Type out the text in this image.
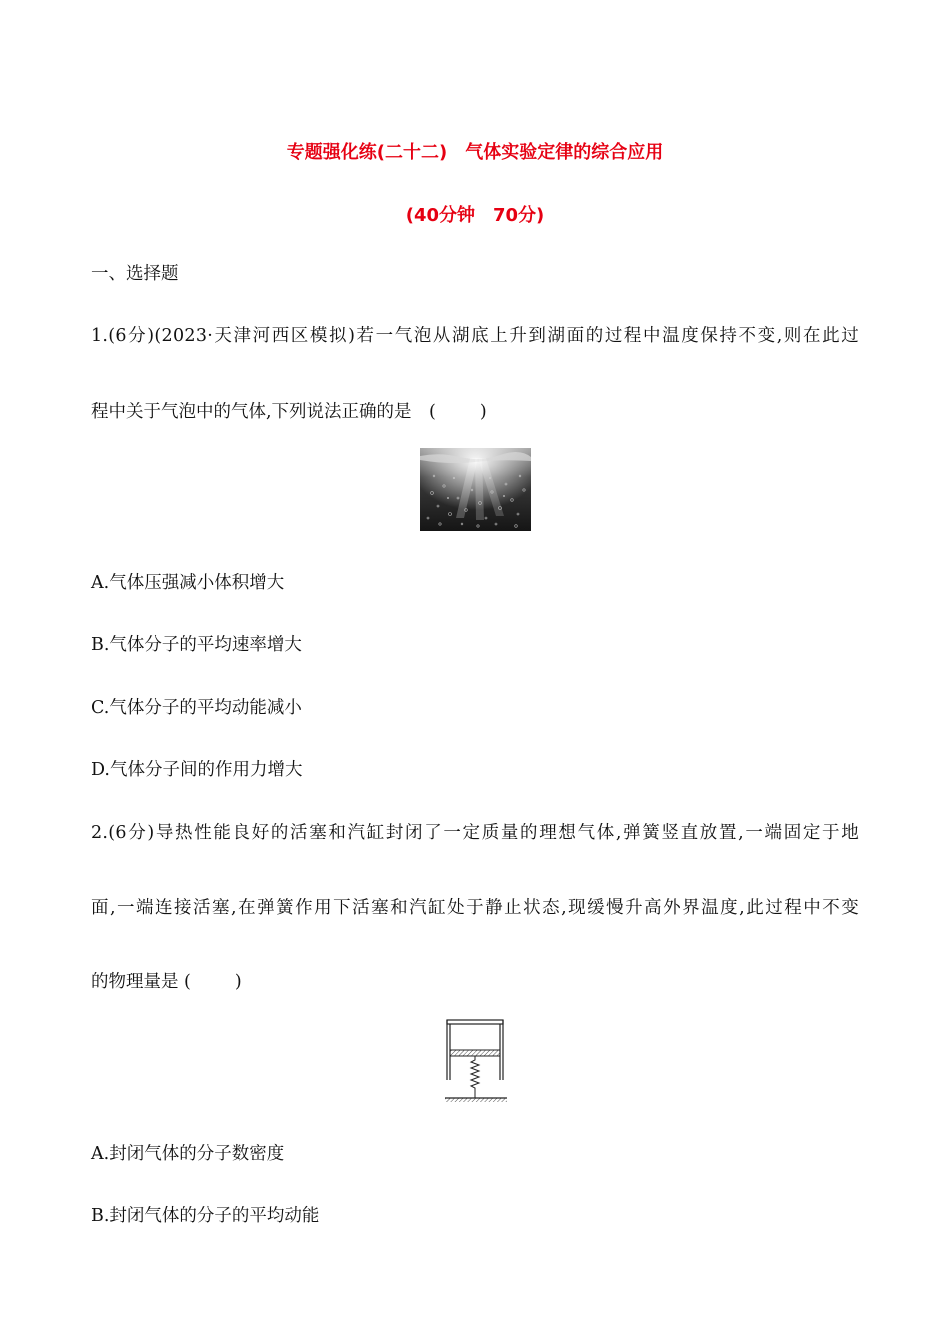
专题强化练(二十二)　气体实验定律的综合应用
(40分钟　70分)
一、选择题
1.(6分)(2023·天津河西区模拟)若一气泡从湖底上升到湖面的过程中温度保持不变,则在此过
程中关于气泡中的气体,下列说法正确的是　(	)
A.气体压强减小体积增大
B.气体分子的平均速率增大
C.气体分子的平均动能减小
D.气体分子间的作用力增大
2.(6分)导热性能良好的活塞和汽缸封闭了一定质量的理想气体,弹簧竖直放置,一端固定于地
面,一端连接活塞,在弹簧作用下活塞和汽缸处于静止状态,现缓慢升高外界温度,此过程中不变
的物理量是 (	)
A.封闭气体的分子数密度
B.封闭气体的分子的平均动能
